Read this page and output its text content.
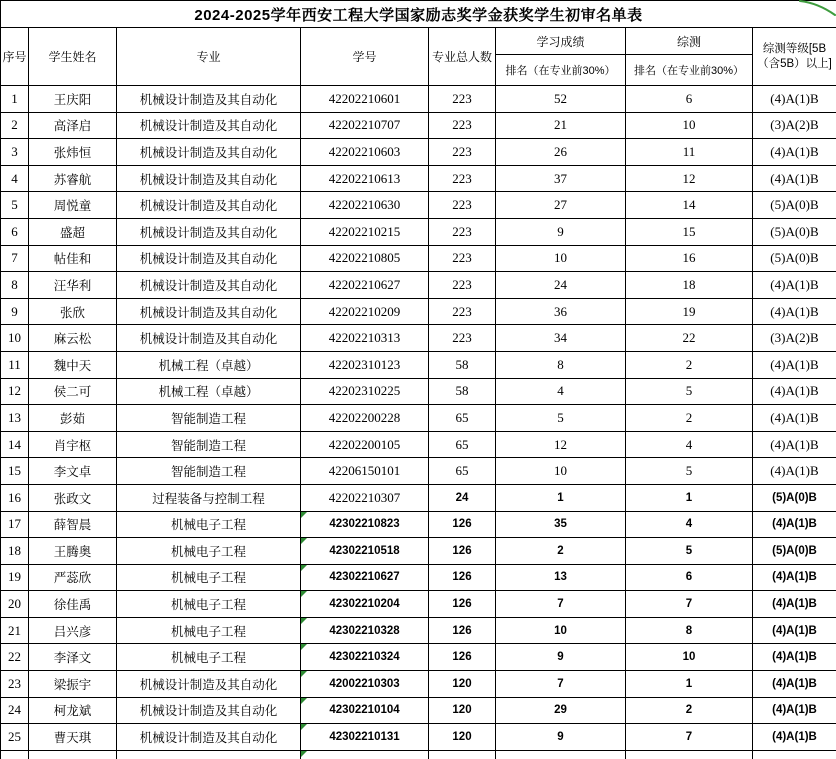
2024-2025学年西安工程大学国家励志奖学金获奖学生初审名单表							
序号	学生姓名	专业	学号	专业总人数	学习成绩	综测	综测等级[5B（含5B）以上]
					排名（在专业前30%）	排名（在专业前30%）	
1	王庆阳	机械设计制造及其自动化	42202210601	223	52	6	(4)A(1)B
2	高泽启	机械设计制造及其自动化	42202210707	223	21	10	(3)A(2)B
3	张炜恒	机械设计制造及其自动化	42202210603	223	26	11	(4)A(1)B
4	苏睿航	机械设计制造及其自动化	42202210613	223	37	12	(4)A(1)B
5	周悦童	机械设计制造及其自动化	42202210630	223	27	14	(5)A(0)B
6	盛超	机械设计制造及其自动化	42202210215	223	9	15	(5)A(0)B
7	帖佳和	机械设计制造及其自动化	42202210805	223	10	16	(5)A(0)B
8	汪华利	机械设计制造及其自动化	42202210627	223	24	18	(4)A(1)B
9	张欣	机械设计制造及其自动化	42202210209	223	36	19	(4)A(1)B
10	麻云松	机械设计制造及其自动化	42202210313	223	34	22	(3)A(2)B
11	魏中天	机械工程（卓越）	42202310123	58	8	2	(4)A(1)B
12	侯二可	机械工程（卓越）	42202310225	58	4	5	(4)A(1)B
13	彭茹	智能制造工程	42202200228	65	5	2	(4)A(1)B
14	肖宇枢	智能制造工程	42202200105	65	12	4	(4)A(1)B
15	李文卓	智能制造工程	42206150101	65	10	5	(4)A(1)B
16	张政文	过程装备与控制工程	42202210307	24	1	1	(5)A(0)B
17	薛智晨	机械电子工程	42302210823	126	35	4	(4)A(1)B
18	王腾奥	机械电子工程	42302210518	126	2	5	(5)A(0)B
19	严蕊欣	机械电子工程	42302210627	126	13	6	(4)A(1)B
20	徐佳禹	机械电子工程	42302210204	126	7	7	(4)A(1)B
21	吕兴彦	机械电子工程	42302210328	126	10	8	(4)A(1)B
22	李泽文	机械电子工程	42302210324	126	9	10	(4)A(1)B
23	梁振宇	机械设计制造及其自动化	42002210303	120	7	1	(4)A(1)B
24	柯龙斌	机械设计制造及其自动化	42302210104	120	29	2	(4)A(1)B
25	曹天琪	机械设计制造及其自动化	42302210131	120	9	7	(4)A(1)B
